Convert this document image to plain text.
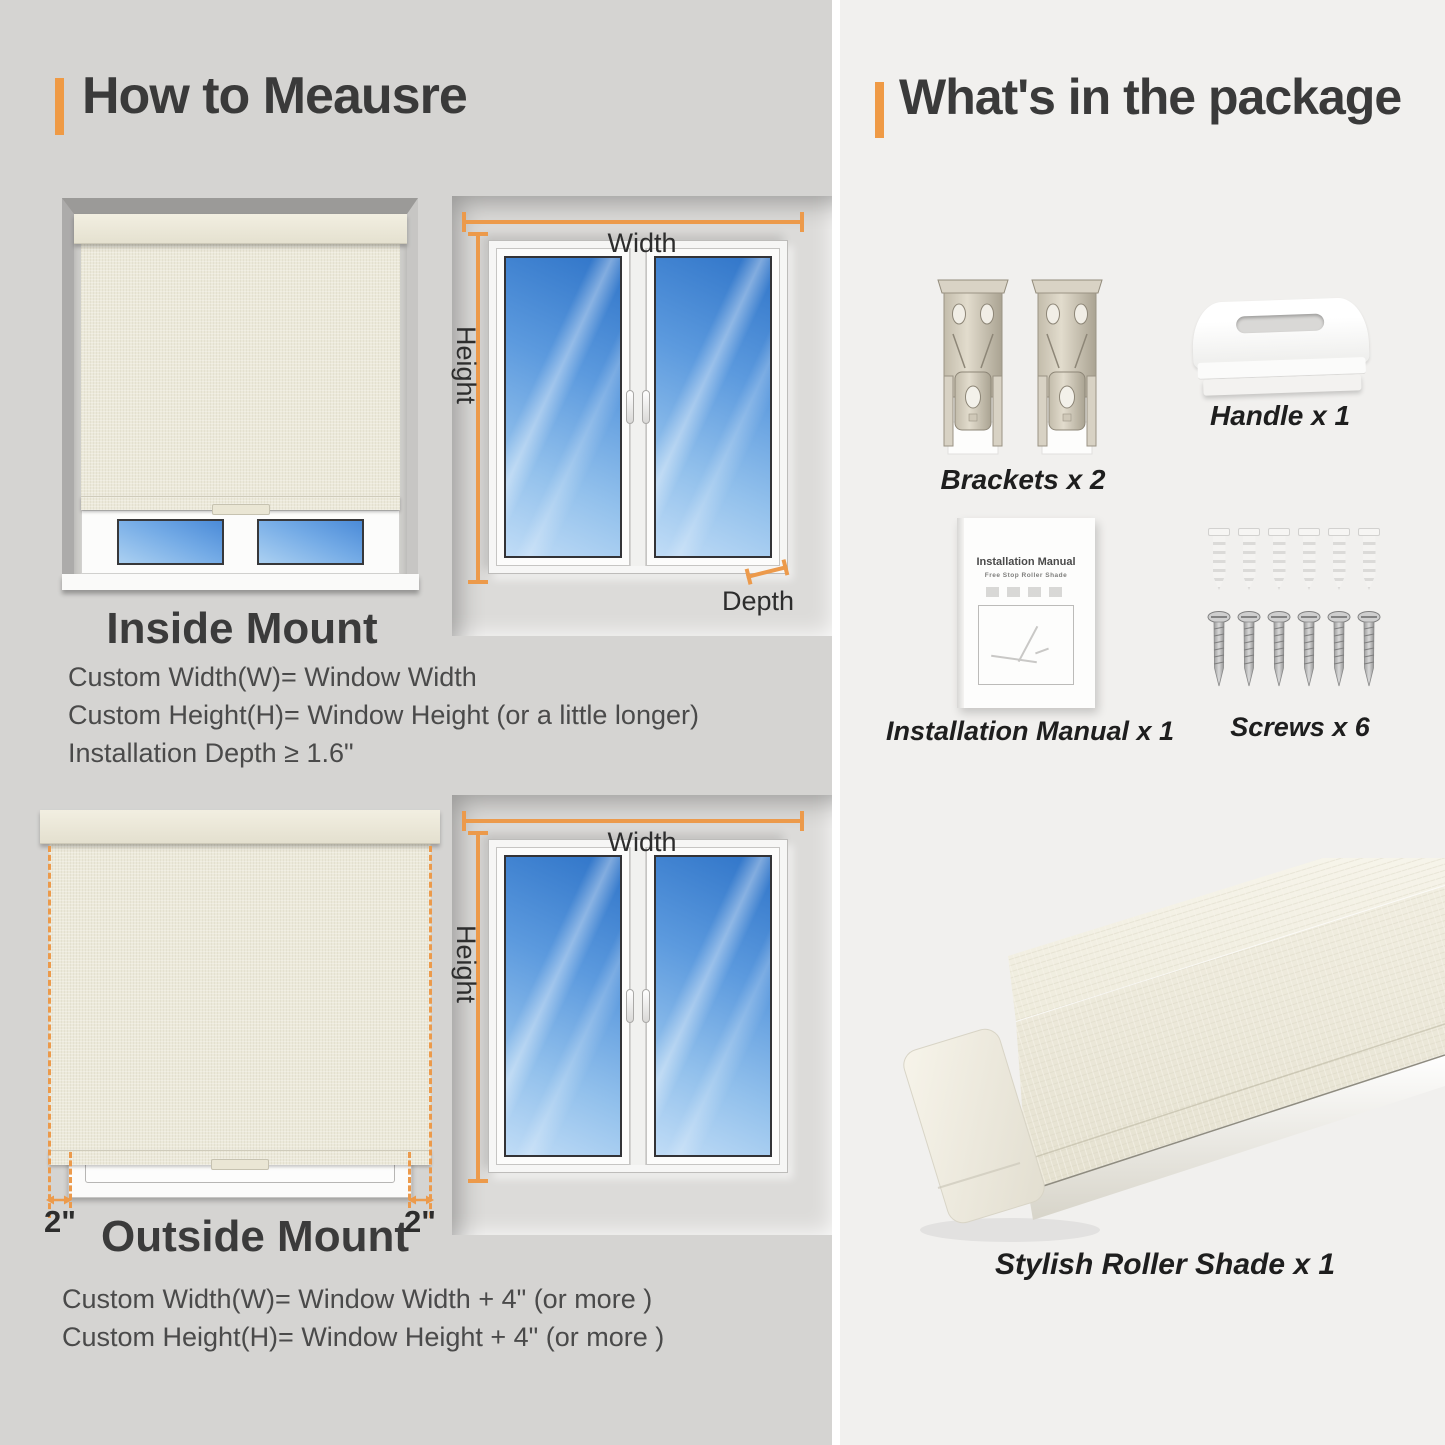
How to Meausre
Width
Height
Depth
Inside Mount
Custom Width(W)= Window Width
Custom Height(H)= Window Height (or a little longer)
Installation Depth ≥ 1.6"
2"	2"
Width
Height
Outside Mount
Custom Width(W)= Window Width + 4" (or more )
Custom Height(H)= Window Height + 4" (or more )
What's in the package
Brackets x 2
Handle x 1
Installation Manual
Free Stop Roller Shade
Installation Manual x 1	Screws x 6
Stylish Roller Shade x 1
